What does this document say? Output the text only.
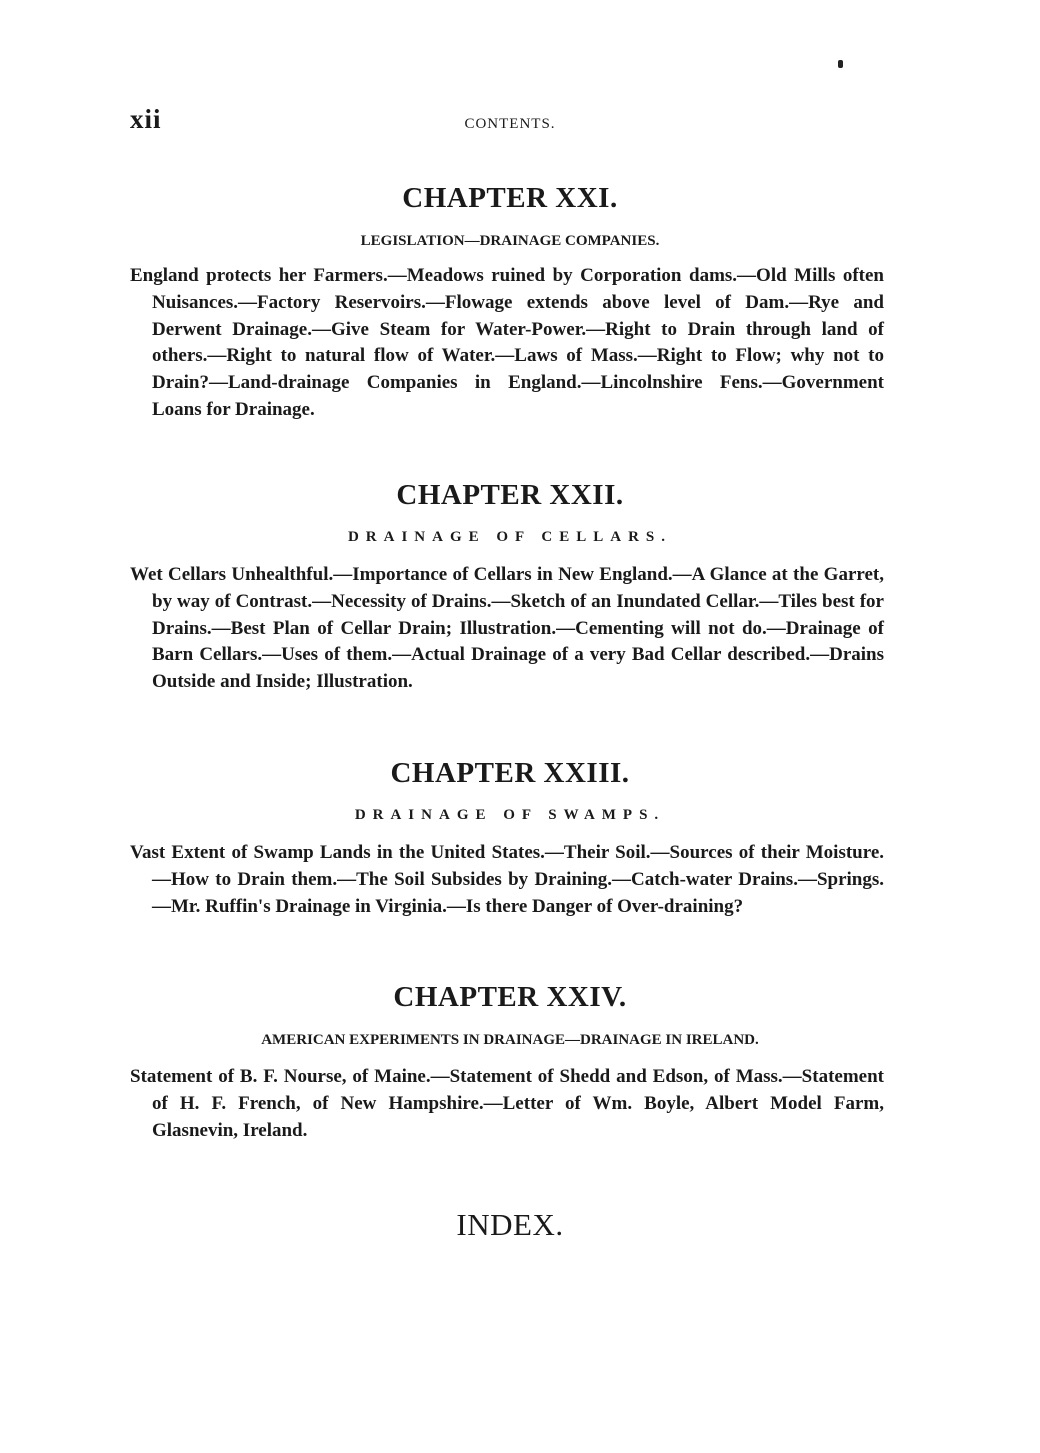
xii	CONTENTS.
CHAPTER XXI.
LEGISLATION—DRAINAGE COMPANIES.

England protects her Farmers.—Meadows ruined by Corporation dams.—Old Mills often Nuisances.—Factory Reservoirs.—Flowage extends above level of Dam.—Rye and Derwent Drainage.—Give Steam for Water-Power.—Right to Drain through land of others.—Right to natural flow of Water.—Laws of Mass.—Right to Flow; why not to Drain?—Land-drainage Companies in England.—Lincolnshire Fens.—Government Loans for Drainage.

CHAPTER XXII.
DRAINAGE OF CELLARS.

Wet Cellars Unhealthful.—Importance of Cellars in New England.—A Glance at the Garret, by way of Contrast.—Necessity of Drains.—Sketch of an Inundated Cellar.—Tiles best for Drains.—Best Plan of Cellar Drain; Illustration.—Cementing will not do.—Drainage of Barn Cellars.—Uses of them.—Actual Drainage of a very Bad Cellar described.—Drains Outside and Inside; Illustration.

CHAPTER XXIII.
DRAINAGE OF SWAMPS.

Vast Extent of Swamp Lands in the United States.—Their Soil.—Sources of their Moisture.—How to Drain them.—The Soil Subsides by Draining.—Catch-water Drains.—Springs.—Mr. Ruffin's Drainage in Virginia.—Is there Danger of Over-draining?

CHAPTER XXIV.
AMERICAN EXPERIMENTS IN DRAINAGE—DRAINAGE IN IRELAND.

Statement of B. F. Nourse, of Maine.—Statement of Shedd and Edson, of Mass.—Statement of H. F. French, of New Hampshire.—Letter of Wm. Boyle, Albert Model Farm, Glasnevin, Ireland.

INDEX.
